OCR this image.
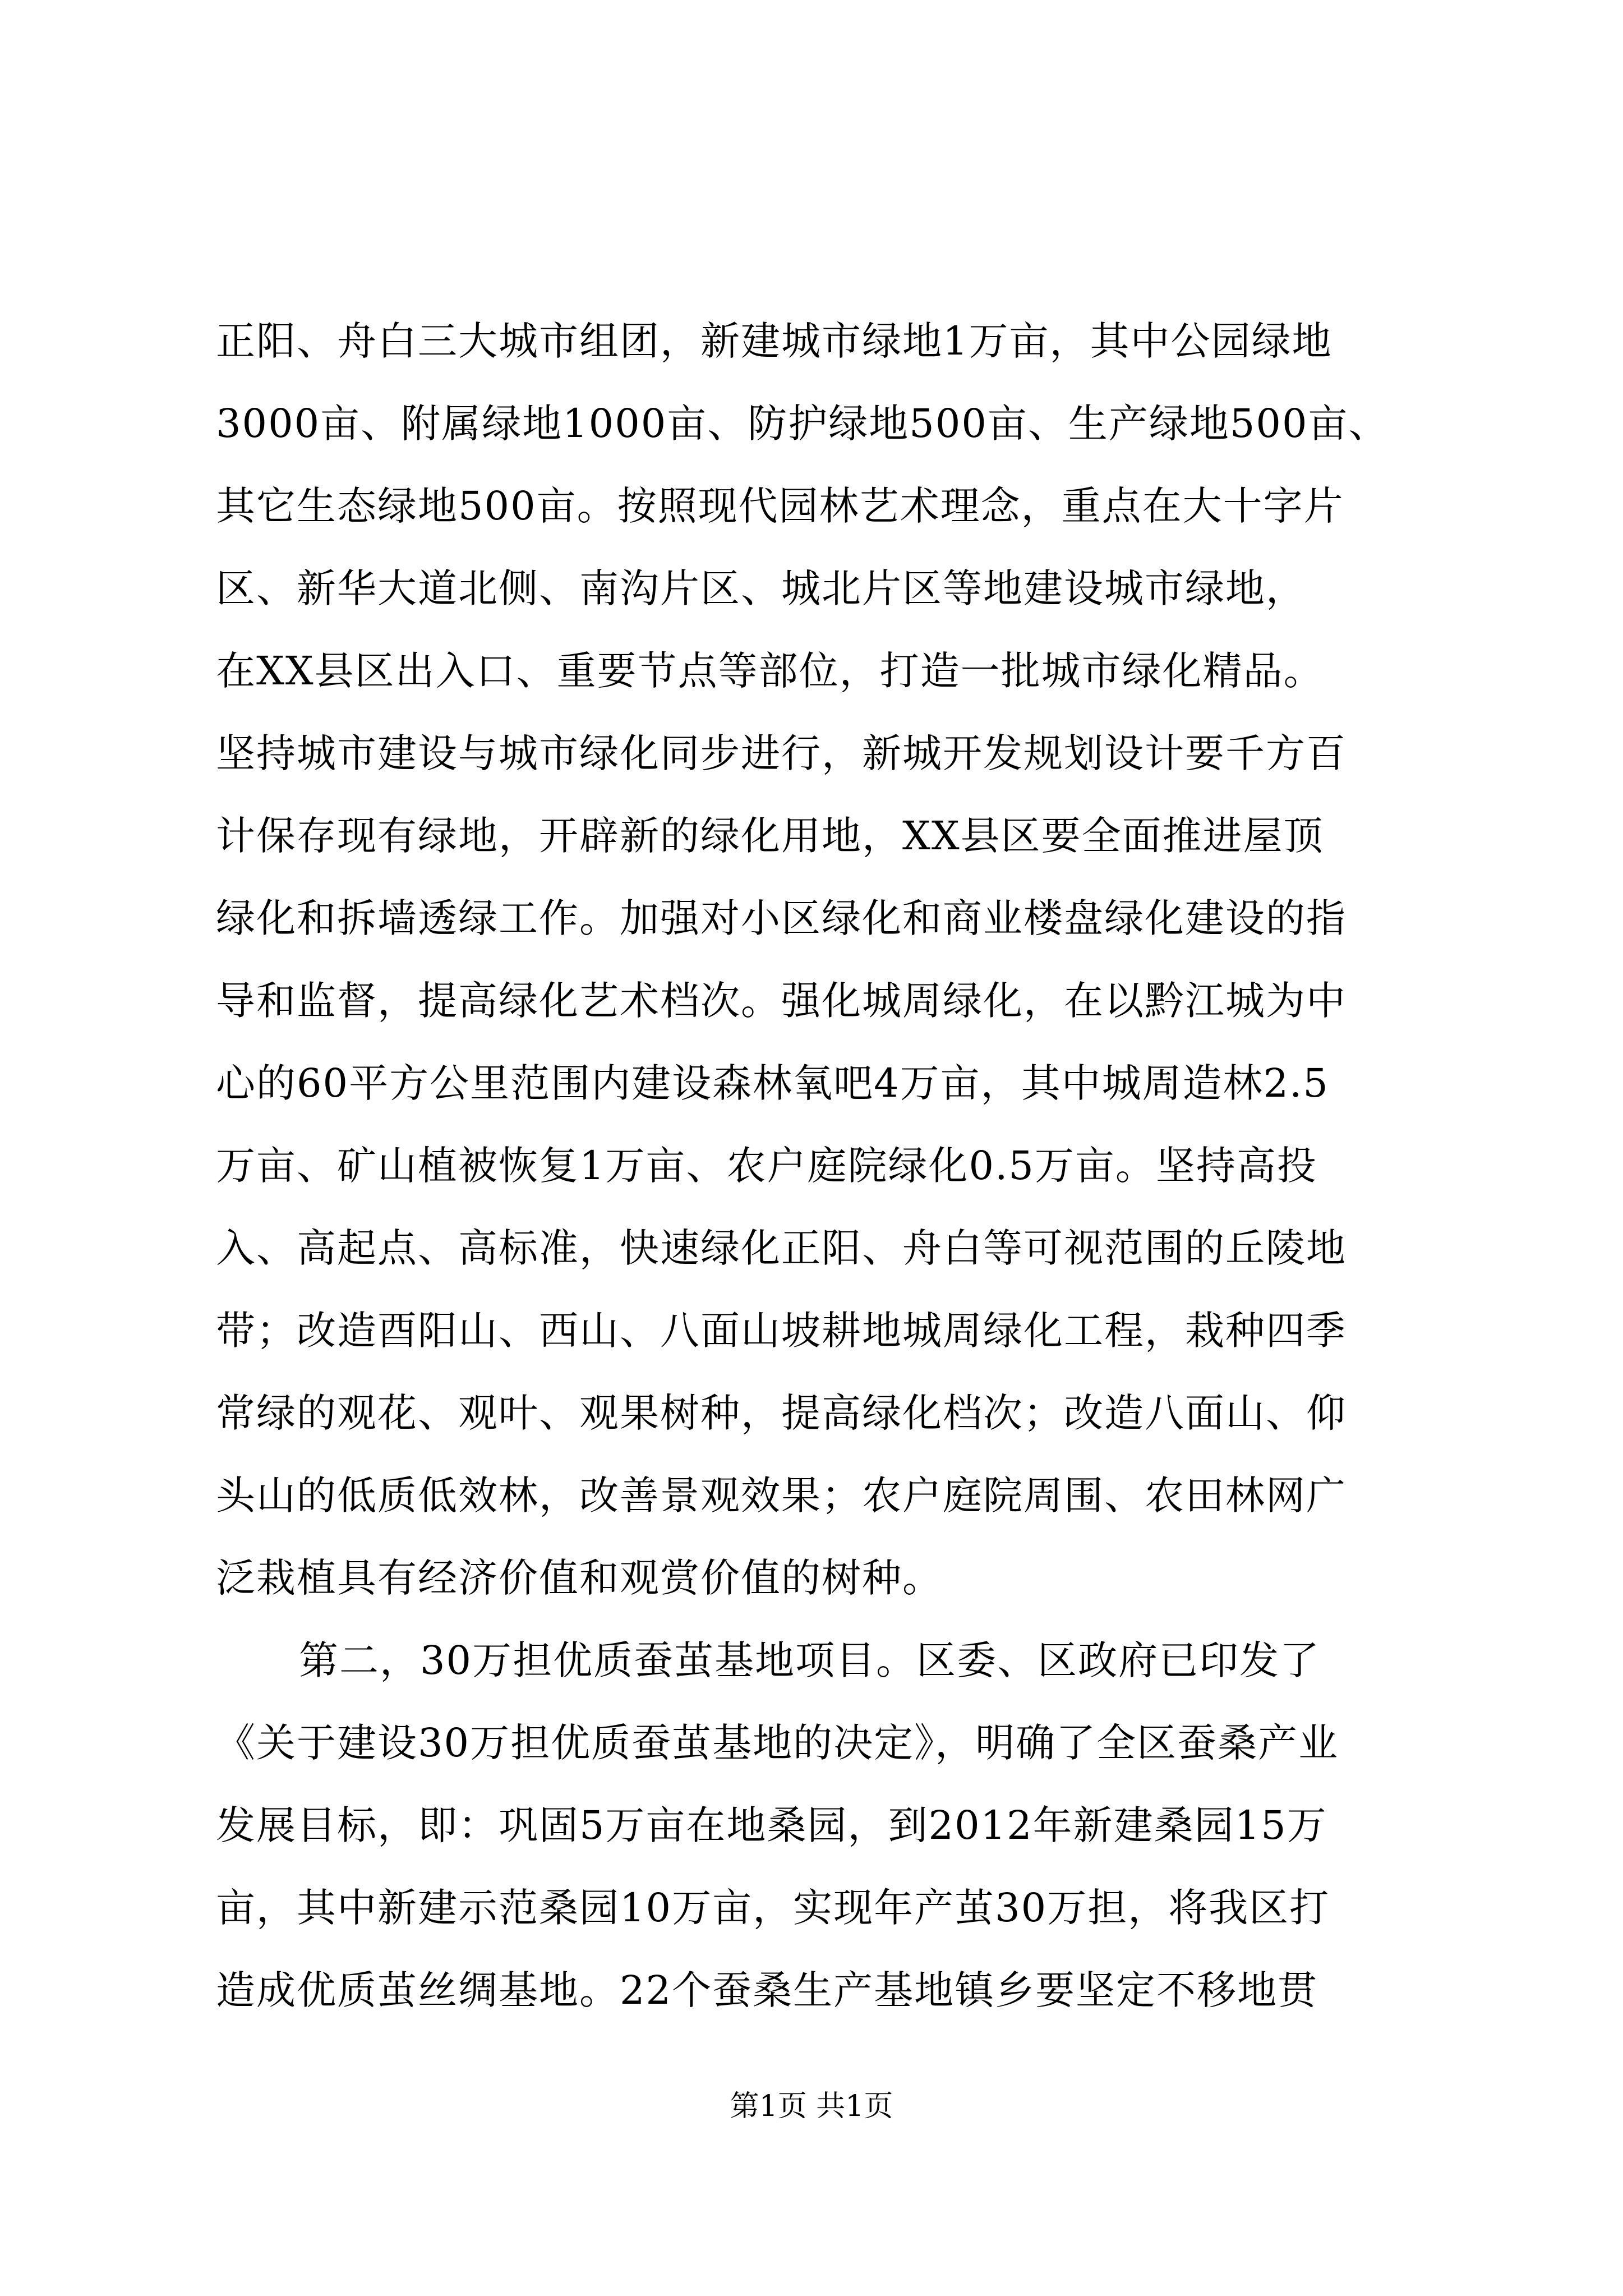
正阳、舟白三大城市组团，新建城市绿地1万亩，其中公园绿地
3000亩、附属绿地1000亩、防护绿地500亩、生产绿地500亩、
其它生态绿地500亩。按照现代园林艺术理念，重点在大十字片
区、新华大道北侧、南沟片区、城北片区等地建设城市绿地，
在XX县区出入口、重要节点等部位，打造一批城市绿化精品。
坚持城市建设与城市绿化同步进行，新城开发规划设计要千方百
计保存现有绿地，开辟新的绿化用地，XX县区要全面推进屋顶
绿化和拆墙透绿工作。加强对小区绿化和商业楼盘绿化建设的指
导和监督，提高绿化艺术档次。强化城周绿化，在以黔江城为中
心的60平方公里范围内建设森林氧吧4万亩，其中城周造林2.5
万亩、矿山植被恢复1万亩、农户庭院绿化0.5万亩。坚持高投
入、高起点、高标准，快速绿化正阳、舟白等可视范围的丘陵地
带；改造酉阳山、西山、八面山坡耕地城周绿化工程，栽种四季
常绿的观花、观叶、观果树种，提高绿化档次；改造八面山、仰
头山的低质低效林，改善景观效果；农户庭院周围、农田林网广
泛栽植具有经济价值和观赏价值的树种。
第二，30万担优质蚕茧基地项目。区委、区政府已印发了
《关于建设30万担优质蚕茧基地的决定》，明确了全区蚕桑产业
发展目标，即：巩固5万亩在地桑园，到2012年新建桑园15万
亩，其中新建示范桑园10万亩，实现年产茧30万担，将我区打
造成优质茧丝绸基地。22个蚕桑生产基地镇乡要坚定不移地贯
第1页 共1页
